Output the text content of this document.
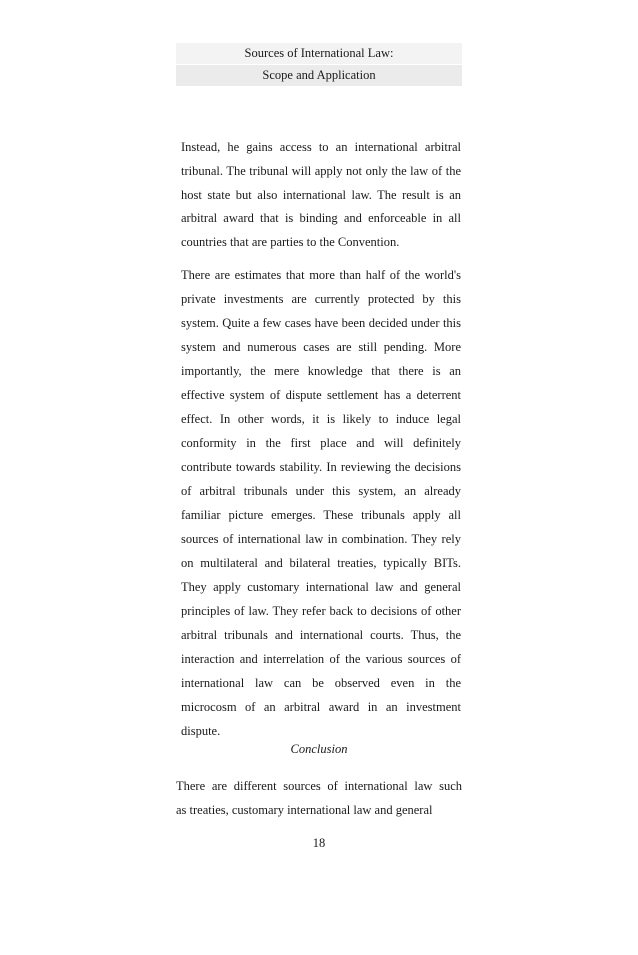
Sources of International Law:
Scope and Application

Instead, he gains access to an international arbitral
tribunal. The tribunal will apply not only the law of the
host state but also international law. The result is an
arbitral award that is binding and enforceable in all
countries that are parties to the Convention.

There are estimates that more than half of the world's
private investments are currently protected by this
system. Quite a few cases have been decided under this
system and numerous cases are still pending. More
importantly, the mere knowledge that there is an
effective system of dispute settlement has a deterrent
effect. In other words, it is likely to induce legal
conformity in the first place and will definitely
contribute towards stability. In reviewing the decisions
of arbitral tribunals under this system, an already
familiar picture emerges. These tribunals apply all
sources of international law in combination. They rely
on multilateral and bilateral treaties, typically BITs.
They apply customary international law and general
principles of law. They refer back to decisions of other
arbitral tribunals and international courts. Thus, the
interaction and interrelation of the various sources of
international law can be observed even in the
microcosm of an arbitral award in an investment
dispute.

Conclusion

There are different sources of international law such
as treaties, customary international law and general

18
